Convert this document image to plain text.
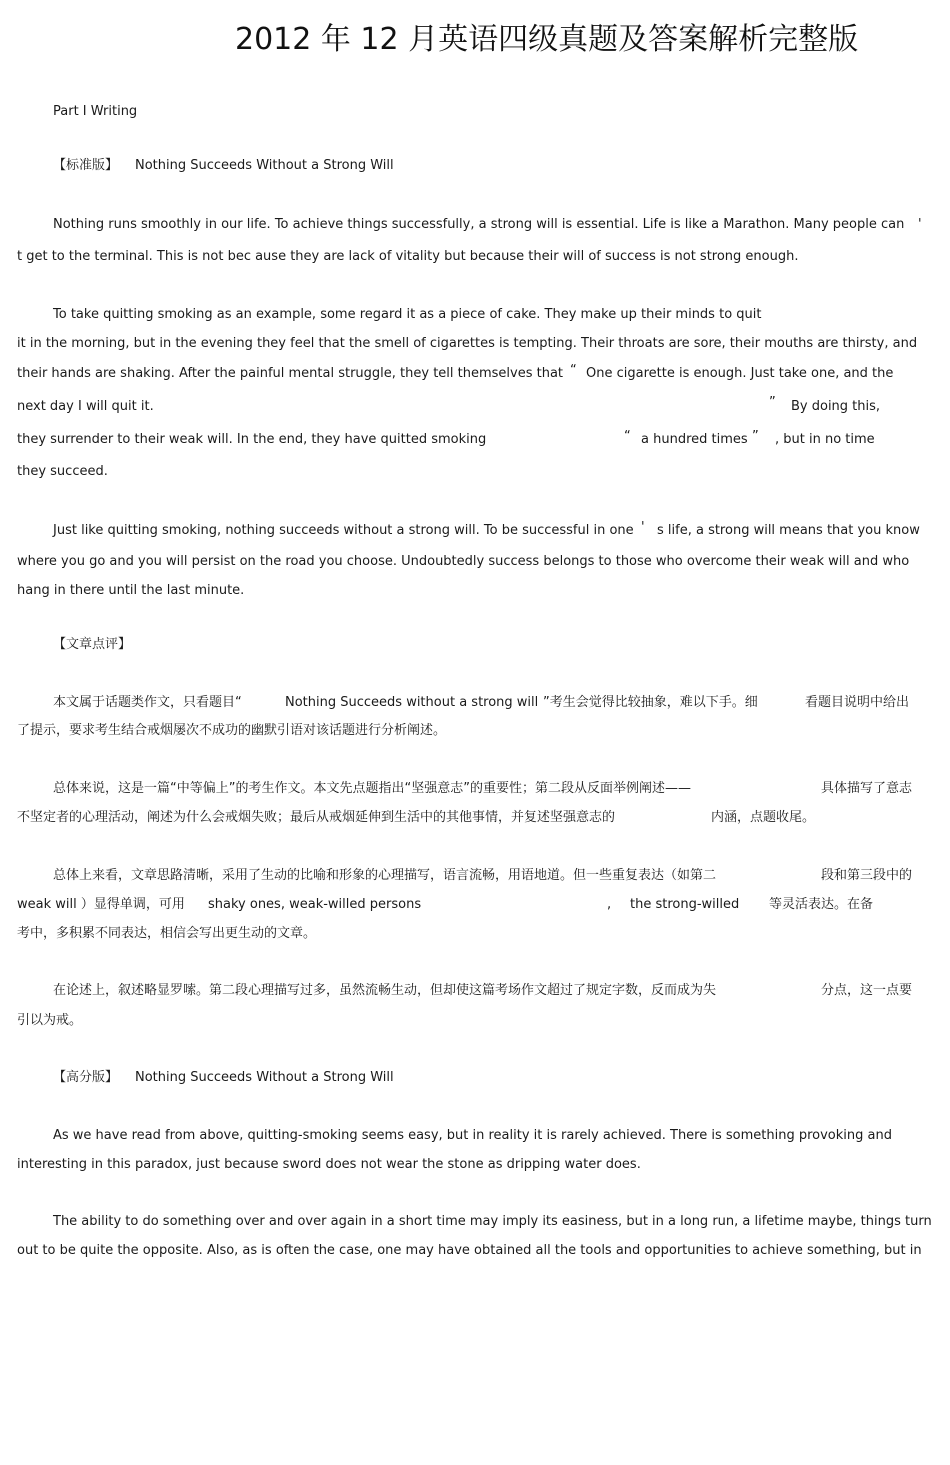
2012 年 12 月英语四级真题及答案解析完整版
Part I Writing
【标准版】 Nothing Succeeds Without a Strong Will
Nothing runs smoothly in our life. To achieve things successfully, a strong will is essential. Life is like a Marathon. Many people can '
t get to the terminal. This is not bec ause they are lack of vitality but because their will of success is not strong enough.
To take quitting smoking as an example, some regard it as a piece of cake. They make up their minds to quit
it in the morning, but in the evening they feel that the smell of cigarettes is tempting. Their throats are sore, their mouths are thirsty, and
their hands are shaking. After the painful mental struggle, they tell themselves that “ One cigarette is enough. Just take one, and the
next day I will quit it.	” By doing this,
they surrender to their weak will. In the end, they have quitted smoking	“ a hundred times ” , but in no time
they succeed.
Just like quitting smoking, nothing succeeds without a strong will. To be successful in one ' s life, a strong will means that you know
where you go and you will persist on the road you choose. Undoubtedly success belongs to those who overcome their weak will and who
hang in there until the last minute.
【文章点评】
本文属于话题类作文，只看题目“	Nothing Succeeds without a strong will ”考生会觉得比较抽象，难以下手。细	看题目说明中给出
了提示，要求考生结合戒烟屡次不成功的幽默引语对该话题进行分析阐述。
总体来说，这是一篇“中等偏上”的考生作文。本文先点题指出“坚强意志”的重要性；第二段从反面举例阐述——	具体描写了意志
不坚定者的心理活动，阐述为什么会戒烟失败；最后从戒烟延伸到生活中的其他事情，并复述坚强意志的	内涵，点题收尾。
总体上来看，文章思路清晰，采用了生动的比喻和形象的心理描写，语言流畅，用语地道。但一些重复表达（如第二	段和第三段中的
weak will ）显得单调，可用 shaky ones, weak-willed persons	, the strong-willed 等灵活表达。在备
考中，多积累不同表达，相信会写出更生动的文章。
在论述上，叙述略显罗嗦。第二段心理描写过多，虽然流畅生动，但却使这篇考场作文超过了规定字数，反而成为失	分点，这一点要
引以为戒。
【高分版】 Nothing Succeeds Without a Strong Will
As we have read from above, quitting-smoking seems easy, but in reality it is rarely achieved. There is something provoking and
interesting in this paradox, just because sword does not wear the stone as dripping water does.
The ability to do something over and over again in a short time may imply its easiness, but in a long run, a lifetime maybe, things turn
out to be quite the opposite. Also, as is often the case, one may have obtained all the tools and opportunities to achieve something, but in
